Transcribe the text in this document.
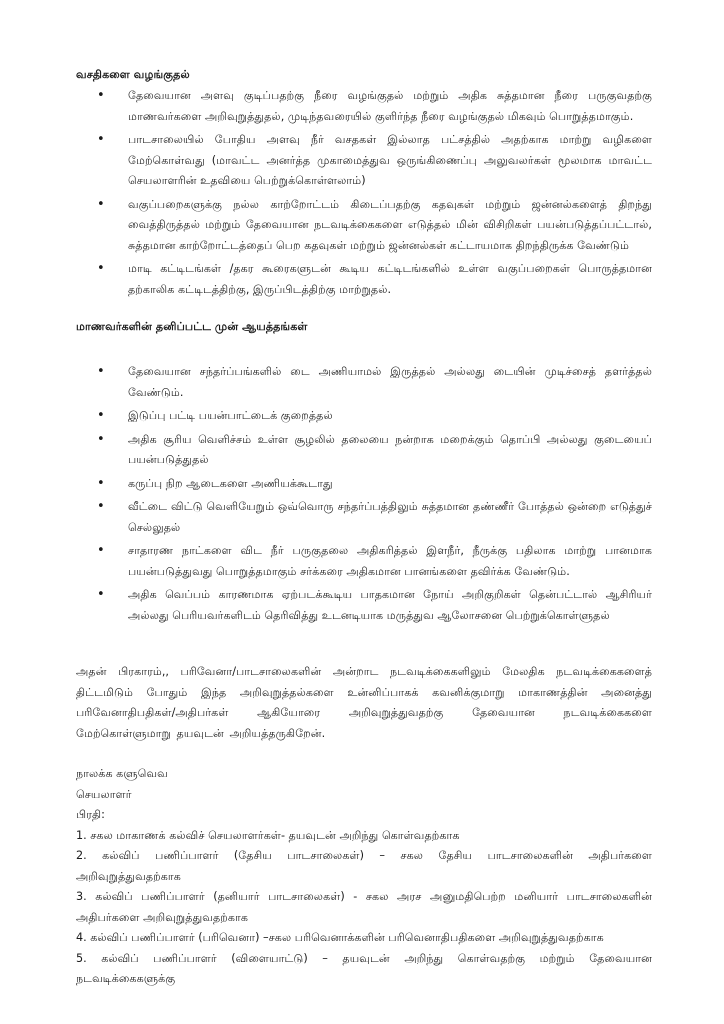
வசதிகளை வழங்குதல்

• தேவையான அளவு குடிப்பதற்கு நீரை வழங்குதல் மற்றும் அதிக சுத்தமான நீரை பருகுவதற்கு மாணவர்களை அறிவுறுத்துதல், முடிந்தவரையில் குளிர்ந்த நீரை வழங்குதல் மிகவும் பொறுத்தமாகும்.
• பாடசாலையில் போதிய அளவு நீர் வசதகள் இல்லாத பட்சத்தில் அதற்காக மாற்று வழிகளை மேற்கொள்வது (மாவட்ட அனர்த்த முகாமைத்துவ ஒருங்கிணைப்பு அலுவலர்கள் மூலமாக மாவட்ட செயலாளரின் உதவியை பெற்றுக்கொள்ளலாம்)
• வகுப்பறைகளுக்கு நல்ல காற்றோட்டம் கிடைப்பதற்கு கதவுகள் மற்றும் ஜன்னல்களைத் திறந்து வைத்திருத்தல் மற்றும் தேவையான நடவடிக்கைகளை எடுத்தல் மின் விசிறிகள் பயன்படுத்தப்பட்டால், சுத்தமான காற்றோட்டத்தைப் பெற கதவுகள் மற்றும் ஜன்னல்கள் கட்டாயமாக திறந்திருக்க வேண்டும்
• மாடி கட்டிடங்கள் /தகர கூரைகளுடன் கூடிய கட்டிடங்களில் உள்ள வகுப்பறைகள் பொருத்தமான தற்காலிக கட்டிடத்திற்கு, இருப்பிடத்திற்கு மாற்றுதல்.

மாணவர்களின் தனிப்பட்ட முன் ஆயத்தங்கள்

• தேவையான சந்தர்ப்பங்களில் டை அணியாமல் இருத்தல் அல்லது டையின் முடிச்சைத் தளர்த்தல் வேண்டும்.
• இடுப்பு பட்டி பயன்பாட்டைக் குறைத்தல்
• அதிக சூரிய வெளிச்சம் உள்ள சூழலில் தலையை நன்றாக மறைக்கும் தொப்பி அல்லது குடையைப் பயன்படுத்துதல்
• கருப்பு நிற ஆடைகளை அணியக்கூடாது
• வீட்டை விட்டு வெளியேறும் ஒவ்வொரு சந்தர்ப்பத்திலும் சுத்தமான தண்ணீர் போத்தல் ஒன்றை எடுத்துச் செல்லுதல்
• சாதாரண நாட்களை விட நீர் பருகுதலை அதிகரித்தல் இளநீர், நீருக்கு பதிலாக மாற்று பானமாக பயன்படுத்துவது பொறுத்தமாகும் சர்க்கரை அதிகமான பானங்களை தவிர்க்க வேண்டும்.
• அதிக வெப்பம் காரணமாக ஏற்படக்கூடிய பாதகமான நோய் அறிகுறிகள் தென்பட்டால் ஆசிரியர் அல்லது பெரியவர்களிடம் தெரிவித்து உடனடியாக மருத்துவ ஆலோசனை பெற்றுக்கொள்ளுதல்

அதன் பிரகாரம்,, பரிவேனா/பாடசாலைகளின் அன்றாட நடவடிக்கைகளிலும் மேலதிக நடவடிக்கைகளைத் திட்டமிடும் போதும் இந்த அறிவுறுத்தல்களை உன்னிப்பாகக் கவனிக்குமாறு மாகாணத்தின் அனைத்து பரிவேனாதிபதிகள்/அதிபர்கள் ஆகியோரை அறிவுறுத்துவதற்கு தேவையான நடவடிக்கைகளை மேற்கொள்ளுமாறு தயவுடன் அறியத்தருகிறேன்.

நாலக்க களுவெவ
செயலாளர்
பிரதி:
1. சகல மாகாணக் கல்விச் செயலாளர்கள்- தயவுடன் அறிந்து கொள்வதற்காக
2. கல்விப் பணிப்பாளர் (தேசிய பாடசாலைகள்) – சகல தேசிய பாடசாலைகளின் அதிபர்களை அறிவுறுத்துவதற்காக
3. கல்விப் பணிப்பாளர் (தனியார் பாடசாலைகள்) - சகல அரச அனுமதிபெற்ற மனியார் பாடசாலைகளின் அதிபர்களை அறிவுறுத்துவதற்காக
4. கல்விப் பணிப்பாளர் (பரிவெனா) –சகல பரிவெனாக்களின் பரிவெனாதிபதிகளை அறிவுறுத்துவதற்காக
5. கல்விப் பணிப்பாளர் (விளையாட்டு) – தயவுடன் அறிந்து கொள்வதற்கு மற்றும் தேவையான நடவடிக்கைகளுக்கு
